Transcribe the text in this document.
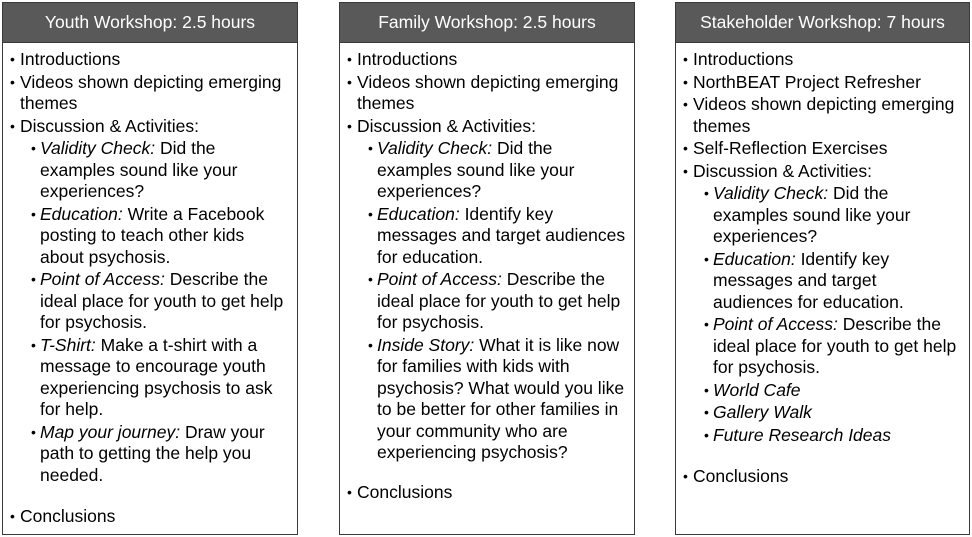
Youth Workshop: 2.5 hours
• Introductions
• Videos shown depicting emerging themes
• Discussion & Activities:
• Validity Check: Did the examples sound like your experiences?
• Education: Write a Facebook posting to teach other kids about psychosis.
• Point of Access: Describe the ideal place for youth to get help for psychosis.
• T-Shirt: Make a t-shirt with a message to encourage youth experiencing psychosis to ask for help.
• Map your journey: Draw your path to getting the help you needed.
• Conclusions
Family Workshop: 2.5 hours
• Introductions
• Videos shown depicting emerging themes
• Discussion & Activities:
• Validity Check: Did the examples sound like your experiences?
• Education: Identify key messages and target audiences for education.
• Point of Access: Describe the ideal place for youth to get help for psychosis.
• Inside Story: What it is like now for families with kids with psychosis? What would you like to be better for other families in your community who are experiencing psychosis?
• Conclusions
Stakeholder Workshop: 7 hours
• Introductions
• NorthBEAT Project Refresher
• Videos shown depicting emerging themes
• Self-Reflection Exercises
• Discussion & Activities:
• Validity Check: Did the examples sound like your experiences?
• Education: Identify key messages and target audiences for education.
• Point of Access: Describe the ideal place for youth to get help for psychosis.
• World Cafe
• Gallery Walk
• Future Research Ideas
• Conclusions
